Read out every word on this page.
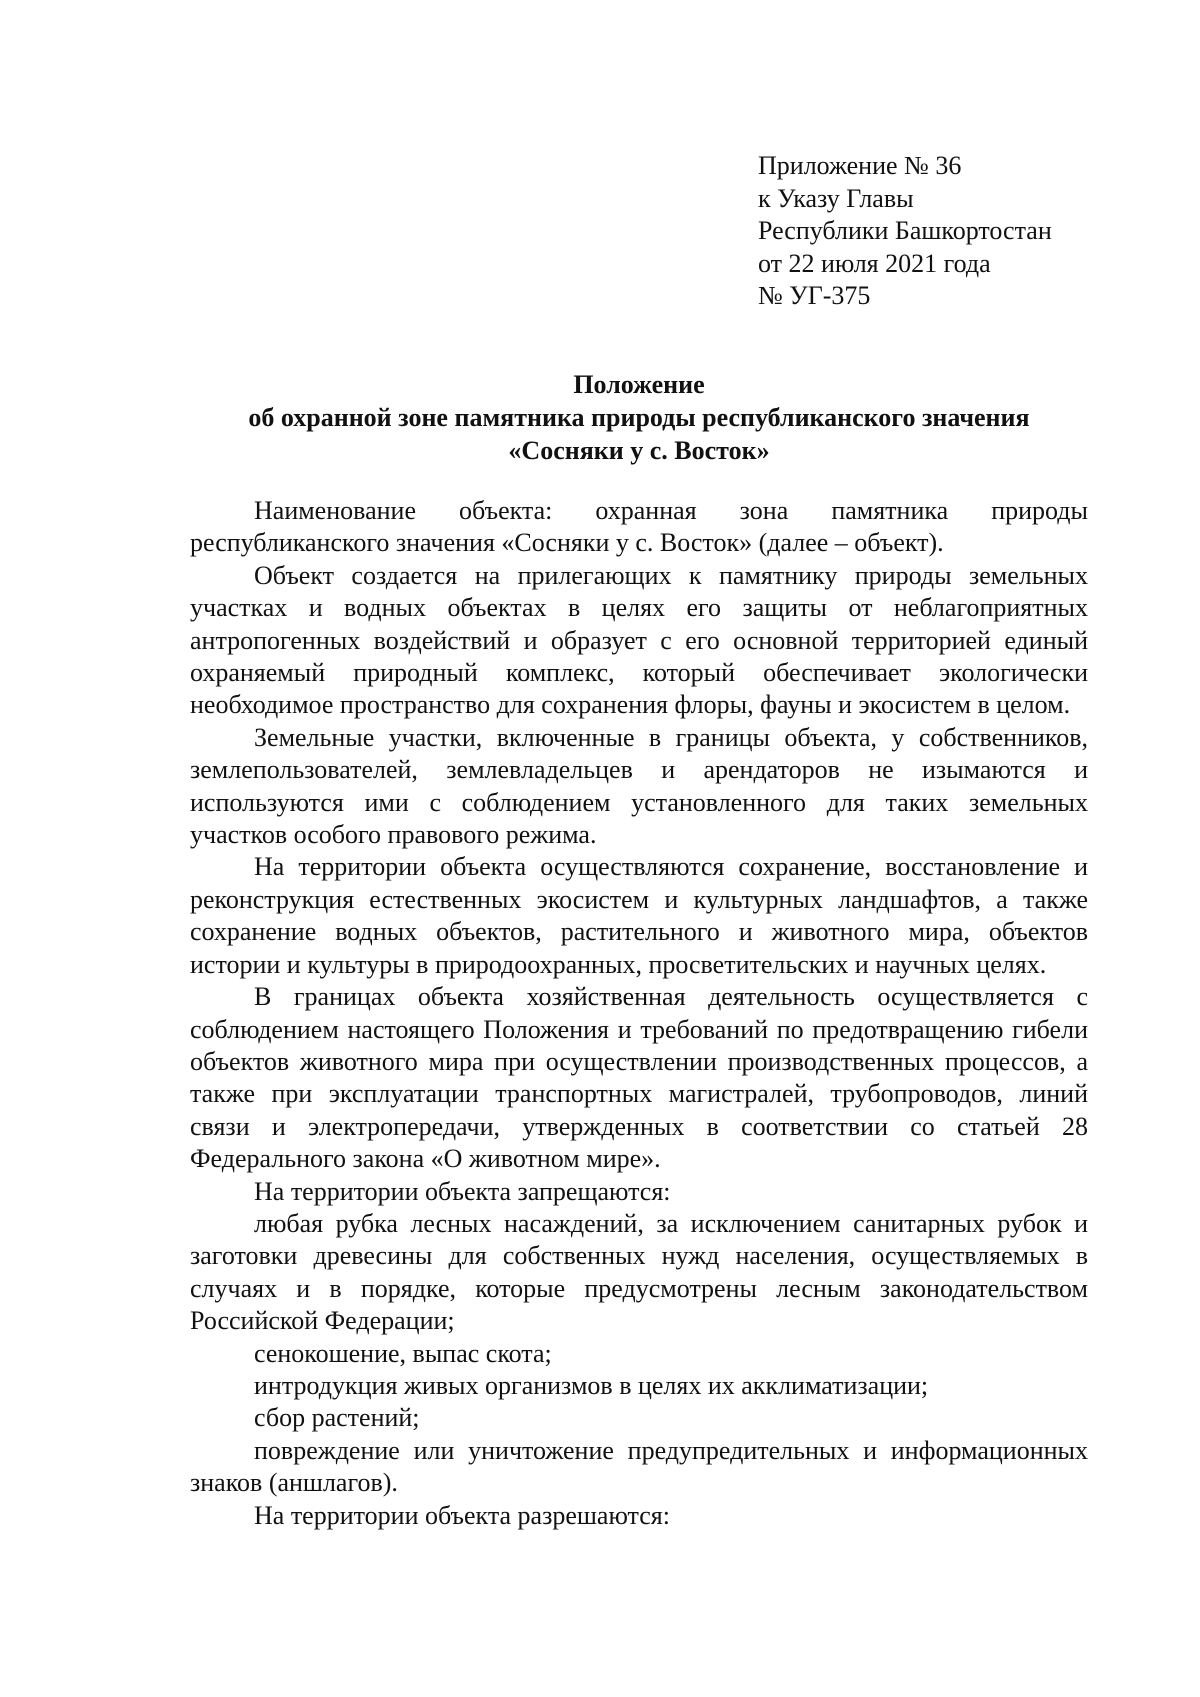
Приложение № 36
к Указу Главы
Республики Башкортостан
от 22 июля 2021 года
№ УГ-375
Положение
об охранной зоне памятника природы республиканского значения
«Сосняки у с. Восток»

Наименование объекта: охранная зона памятника природы республиканского значения «Сосняки у с. Восток» (далее – объект).

Объект создается на прилегающих к памятнику природы земельных участках и водных объектах в целях его защиты от неблагоприятных антропогенных воздействий и образует с его основной территорией единый охраняемый природный комплекс, который обеспечивает экологически необходимое пространство для сохранения флоры, фауны и экосистем в целом.

Земельные участки, включенные в границы объекта, у собственников, землепользователей, землевладельцев и арендаторов не изымаются и используются ими с соблюдением установленного для таких земельных участков особого правового режима.

На территории объекта осуществляются сохранение, восстановление и реконструкция естественных экосистем и культурных ландшафтов, а также сохранение водных объектов, растительного и животного мира, объектов истории и культуры в природоохранных, просветительских и научных целях.

В границах объекта хозяйственная деятельность осуществляется с соблюдением настоящего Положения и требований по предотвращению гибели объектов животного мира при осуществлении производственных процессов, а также при эксплуатации транспортных магистралей, трубопроводов, линий связи и электропередачи, утвержденных в соответствии со статьей 28 Федерального закона «О животном мире».

На территории объекта запрещаются:

любая рубка лесных насаждений, за исключением санитарных рубок и заготовки древесины для собственных нужд населения, осуществляемых в случаях и в порядке, которые предусмотрены лесным законодательством Российской Федерации;

сенокошение, выпас скота;

интродукция живых организмов в целях их акклиматизации;

сбор растений;

повреждение или уничтожение предупредительных и информационных знаков (аншлагов).

На территории объекта разрешаются:
